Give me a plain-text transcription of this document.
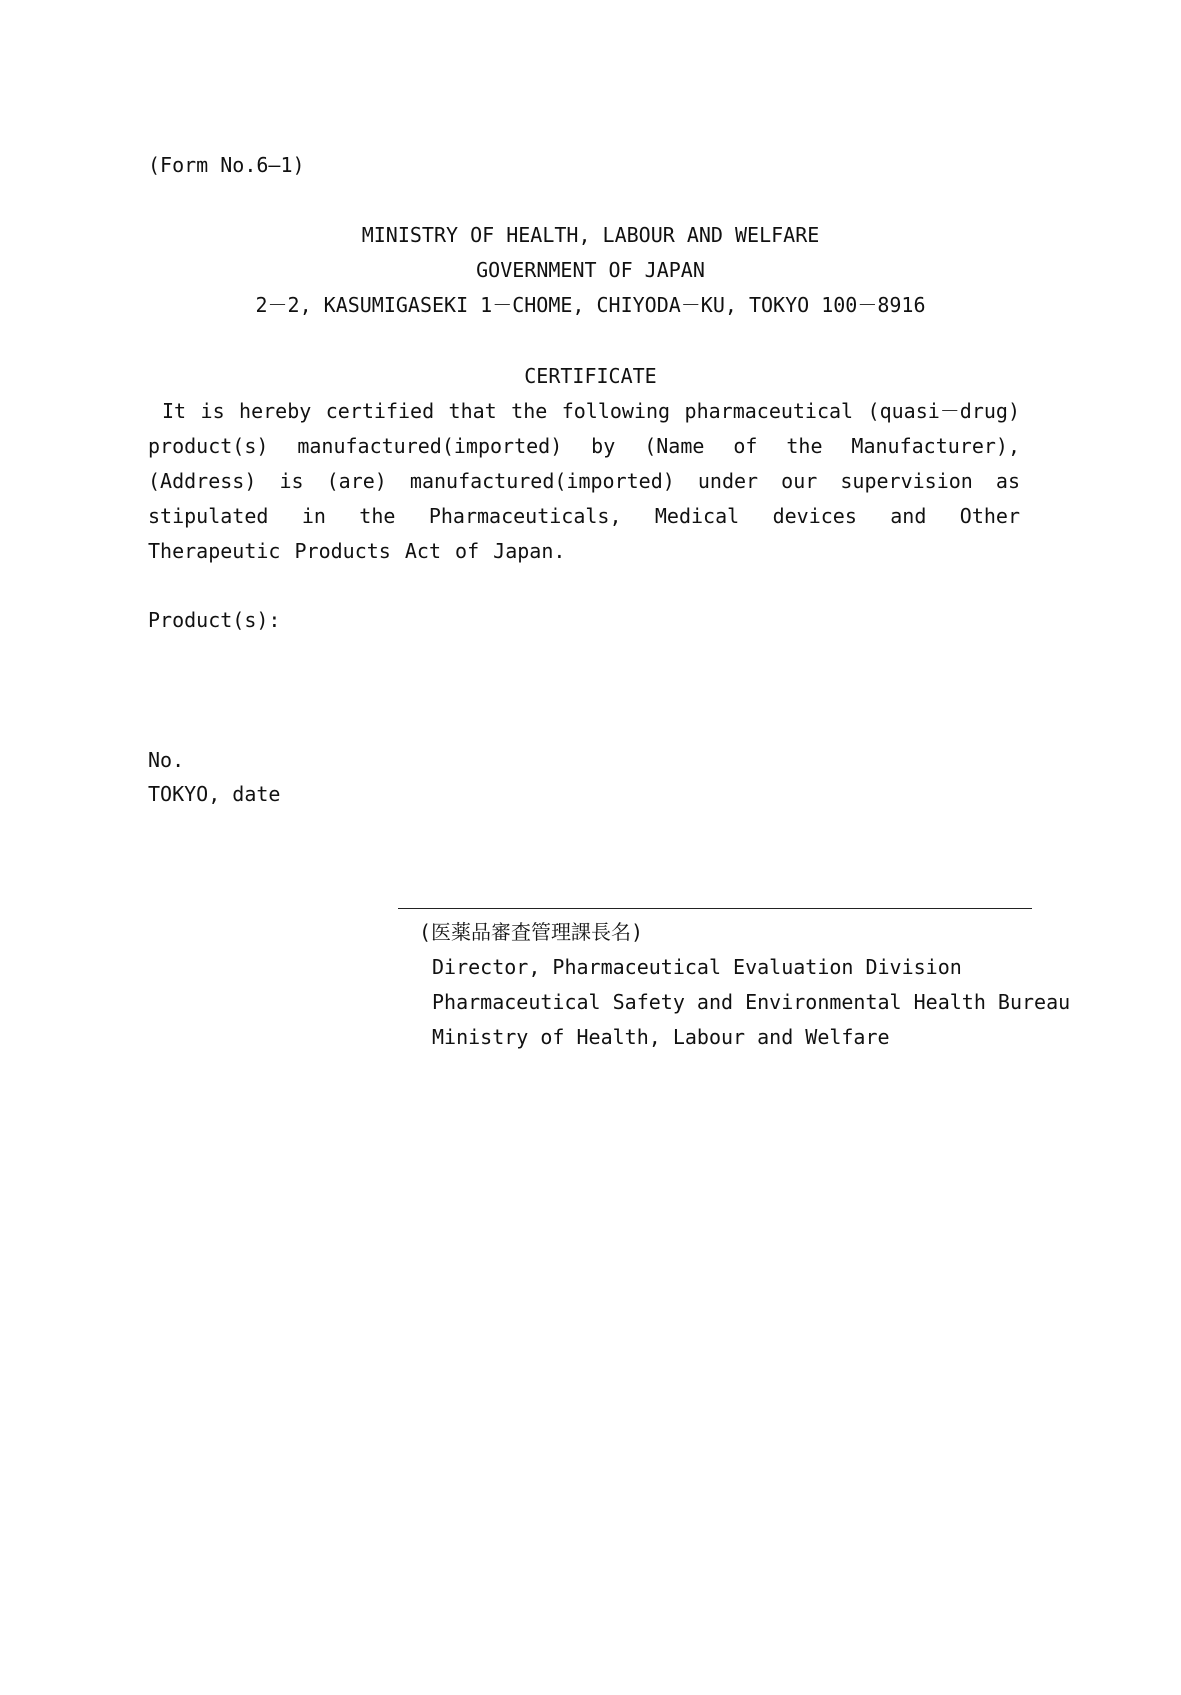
(Form No.6―1)
MINISTRY OF HEALTH, LABOUR AND WELFARE
GOVERNMENT OF JAPAN
2－2, KASUMIGASEKI 1－CHOME, CHIYODA－KU, TOKYO 100－8916
CERTIFICATE

It is hereby certified that the following pharmaceutical (quasi－drug) product(s) manufactured(imported) by (Name of the Manufacturer), (Address) is (are) manufactured(imported) under our supervision as stipulated in the Pharmaceuticals, Medical devices and Other Therapeutic Products Act of Japan.

Product(s):
No.
TOKYO, date
(医薬品審査管理課長名)
Director, Pharmaceutical Evaluation Division
Pharmaceutical Safety and Environmental Health Bureau
Ministry of Health, Labour and Welfare
